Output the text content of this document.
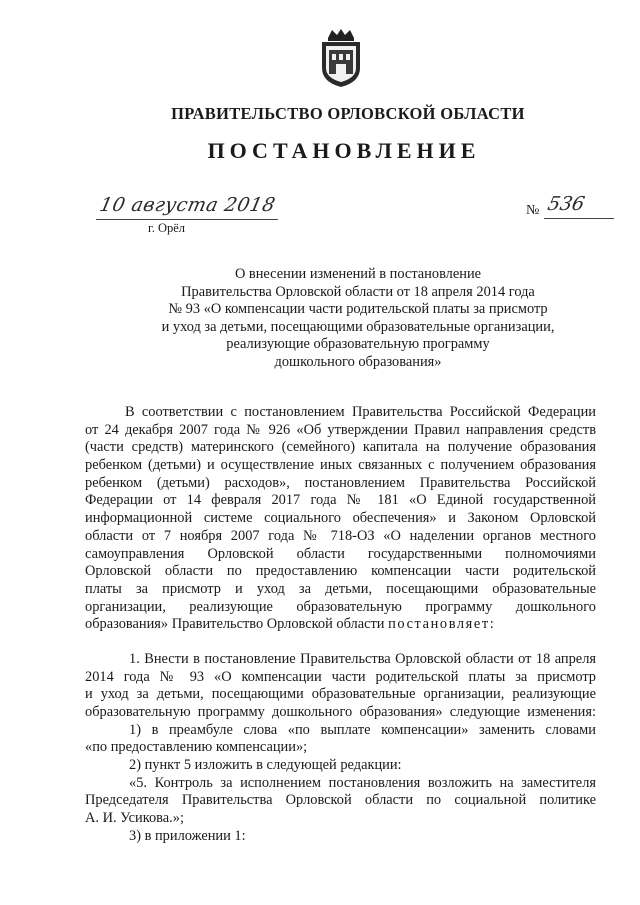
ПРАВИТЕЛЬСТВО ОРЛОВСКОЙ ОБЛАСТИ
ПОСТАНОВЛЕНИЕ
10 августа 2018
г. Орёл
№ 536
О внесении изменений в постановление
Правительства Орловской области от 18 апреля 2014 года
№ 93 «О компенсации части родительской платы за присмотр
и уход за детьми, посещающими образовательные организации,
реализующие образовательную программу
дошкольного образования»
В соответствии с постановлением Правительства Российской Федерации
от 24 декабря 2007 года № 926 «Об утверждении Правил направления средств
(части средств) материнского (семейного) капитала на получение образования
ребенком (детьми) и осуществление иных связанных с получением образования
ребенком (детьми) расходов», постановлением Правительства Российской
Федерации от 14 февраля 2017 года № 181 «О Единой государственной
информационной системе социального обеспечения» и Законом Орловской
области от 7 ноября 2007 года № 718-ОЗ «О наделении органов местного
самоуправления Орловской области государственными полномочиями
Орловской области по предоставлению компенсации части родительской
платы за присмотр и уход за детьми, посещающими образовательные
организации, реализующие образовательную программу дошкольного
образования» Правительство Орловской области постановляет:
1. Внести в постановление Правительства Орловской области от 18 апреля
2014 года № 93 «О компенсации части родительской платы за присмотр
и уход за детьми, посещающими образовательные организации, реализующие
образовательную программу дошкольного образования» следующие изменения:
1) в преамбуле слова «по выплате компенсации» заменить словами
«по предоставлению компенсации»;
2) пункт 5 изложить в следующей редакции:
«5. Контроль за исполнением постановления возложить на заместителя
Председателя Правительства Орловской области по социальной политике
А. И. Усикова.»;
3) в приложении 1:
